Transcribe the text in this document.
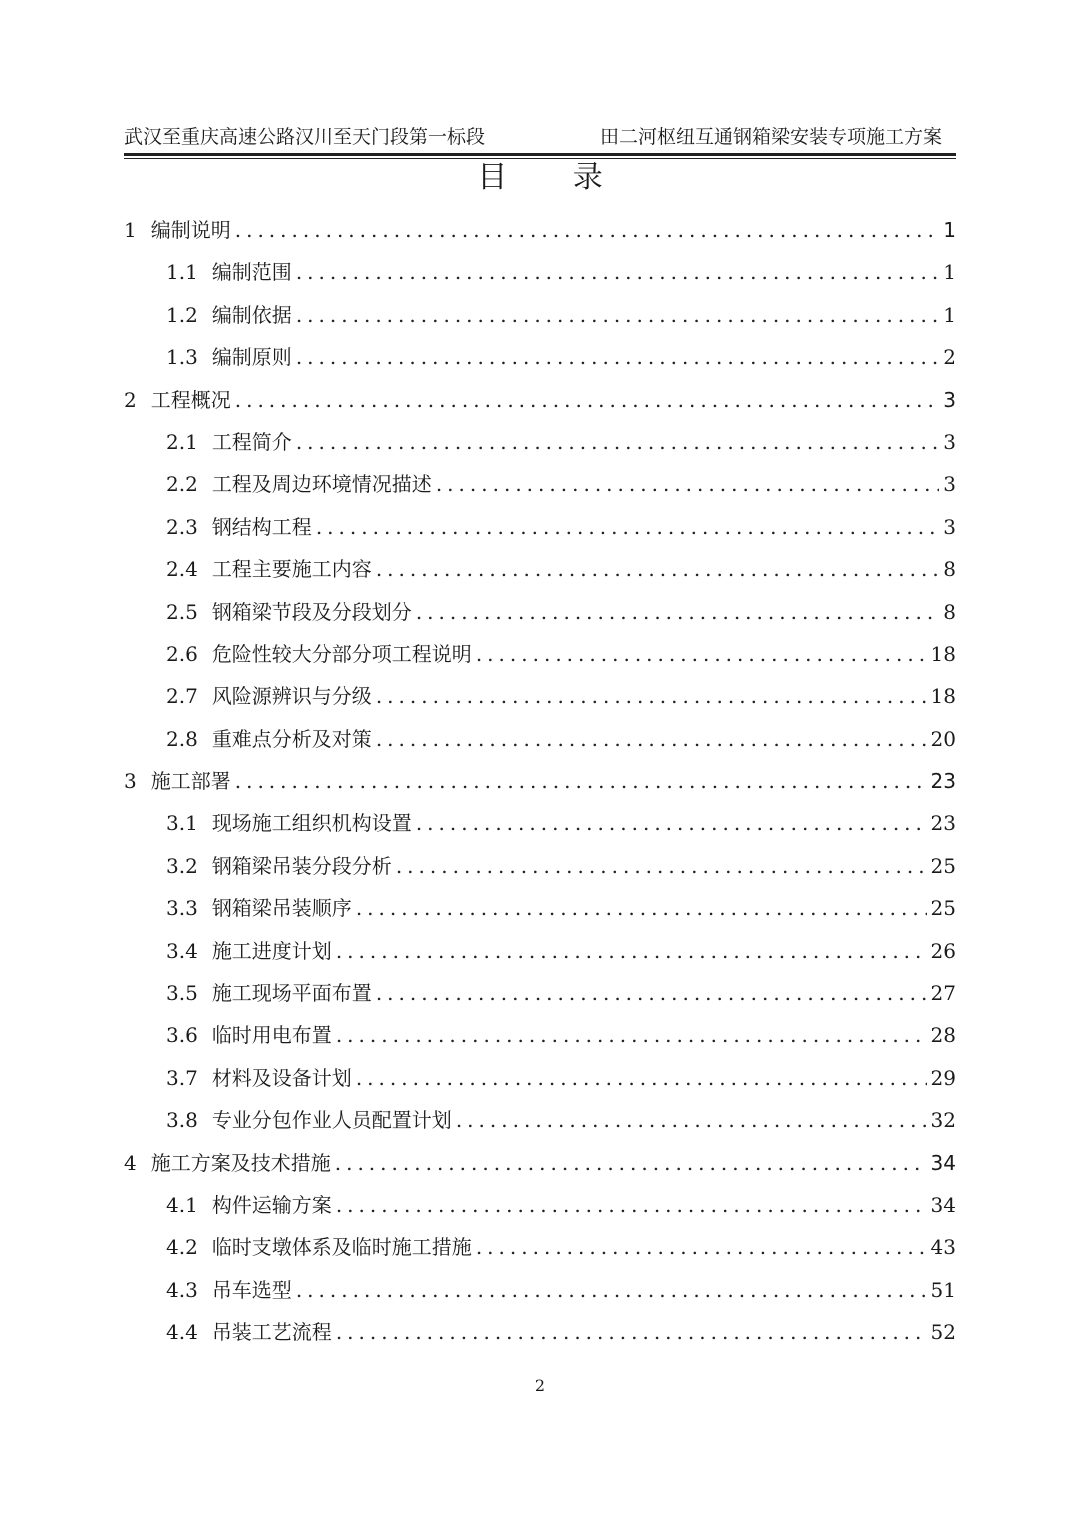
武汉至重庆高速公路汉川至天门段第一标段	田二河枢纽互通钢箱梁安装专项施工方案
目 录
1 编制说明 .....	1
1.1 编制范围 .....	1
1.2 编制依据 .....	1
1.3 编制原则 .....	2
2 工程概况 .....	3
2.1 工程简介 .....	3
2.2 工程及周边环境情况描述 .....	3
2.3 钢结构工程 .....	3
2.4 工程主要施工内容 .....	8
2.5 钢箱梁节段及分段划分 .....	8
2.6 危险性较大分部分项工程说明 .....	18
2.7 风险源辨识与分级 .....	18
2.8 重难点分析及对策 .....	20
3 施工部署 .....	23
3.1 现场施工组织机构设置 .....	23
3.2 钢箱梁吊装分段分析 .....	25
3.3 钢箱梁吊装顺序 .....	25
3.4 施工进度计划 .....	26
3.5 施工现场平面布置 .....	27
3.6 临时用电布置 .....	28
3.7 材料及设备计划 .....	29
3.8 专业分包作业人员配置计划 .....	32
4 施工方案及技术措施 .....	34
4.1 构件运输方案 .....	34
4.2 临时支墩体系及临时施工措施 .....	43
4.3 吊车选型 .....	51
4.4 吊装工艺流程 .....	52
2
